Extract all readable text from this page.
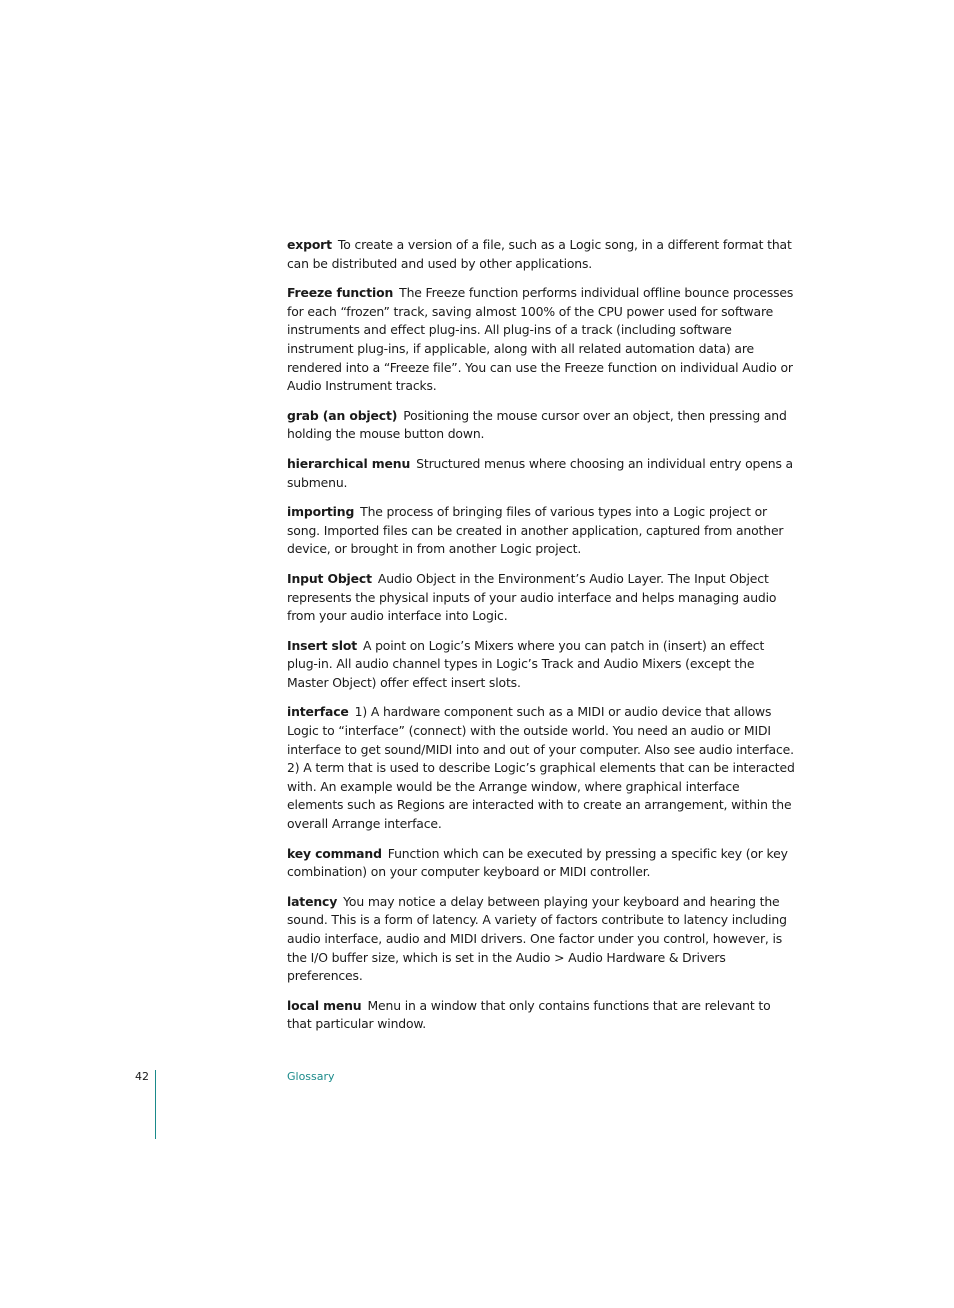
export To create a version of a file, such as a Logic song, in a different format that can be distributed and used by other applications.

Freeze function The Freeze function performs individual offline bounce processes for each “frozen” track, saving almost 100% of the CPU power used for software instruments and effect plug-ins. All plug-ins of a track (including software instrument plug-ins, if applicable, along with all related automation data) are rendered into a “Freeze file”. You can use the Freeze function on individual Audio or Audio Instrument tracks.

grab (an object) Positioning the mouse cursor over an object, then pressing and holding the mouse button down.

hierarchical menu Structured menus where choosing an individual entry opens a submenu.

importing The process of bringing files of various types into a Logic project or song. Imported files can be created in another application, captured from another device, or brought in from another Logic project.

Input Object Audio Object in the Environment’s Audio Layer. The Input Object represents the physical inputs of your audio interface and helps managing audio from your audio interface into Logic.

Insert slot A point on Logic’s Mixers where you can patch in (insert) an effect plug-in. All audio channel types in Logic’s Track and Audio Mixers (except the Master Object) offer effect insert slots.

interface 1) A hardware component such as a MIDI or audio device that allows Logic to “interface” (connect) with the outside world. You need an audio or MIDI interface to get sound/MIDI into and out of your computer. Also see audio interface. 2) A term that is used to describe Logic’s graphical elements that can be interacted with. An example would be the Arrange window, where graphical interface elements such as Regions are interacted with to create an arrangement, within the overall Arrange interface.

key command Function which can be executed by pressing a specific key (or key combination) on your computer keyboard or MIDI controller.

latency You may notice a delay between playing your keyboard and hearing the sound. This is a form of latency. A variety of factors contribute to latency including audio interface, audio and MIDI drivers. One factor under you control, however, is the I/O buffer size, which is set in the Audio > Audio Hardware & Drivers preferences.

local menu Menu in a window that only contains functions that are relevant to that particular window.

42	Glossary
